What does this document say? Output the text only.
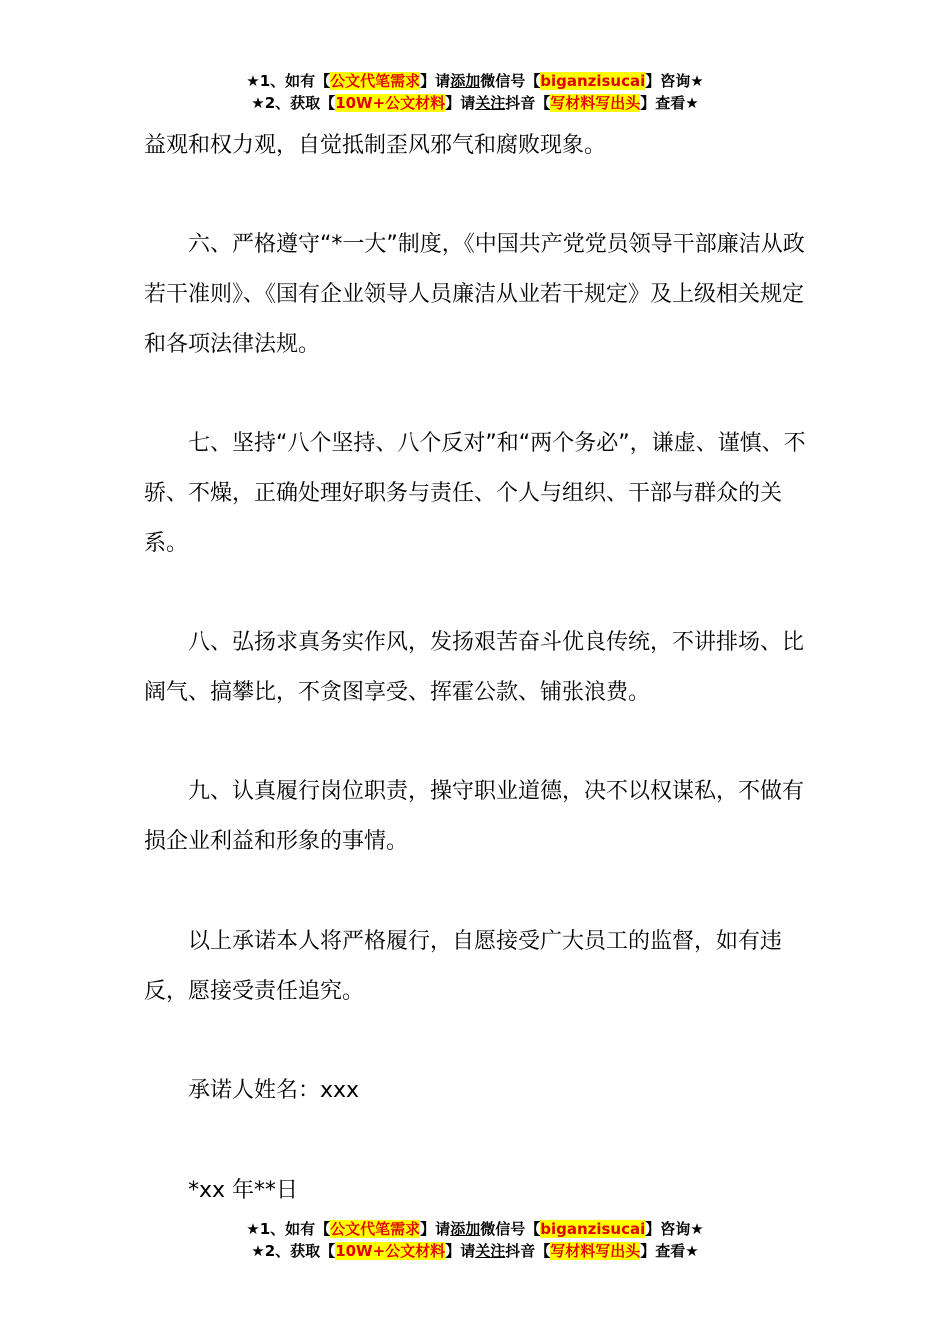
★1、如有【公文代笔需求】请添加微信号【biganzisucai】咨询★
★2、获取【10W+公文材料】请关注抖音【写材料写出头】查看★

益观和权力观，自觉抵制歪风邪气和腐败现象。

六、严格遵守“*一大”制度，《中国共产党党员领导干部廉洁从政若干准则》、《国有企业领导人员廉洁从业若干规定》及上级相关规定和各项法律法规。

七、坚持“八个坚持、八个反对”和“两个务必”，谦虚、谨慎、不骄、不燥，正确处理好职务与责任、个人与组织、干部与群众的关系。

八、弘扬求真务实作风，发扬艰苦奋斗优良传统，不讲排场、比阔气、搞攀比，不贪图享受、挥霍公款、铺张浪费。

九、认真履行岗位职责，操守职业道德，决不以权谋私，不做有损企业利益和形象的事情。

以上承诺本人将严格履行，自愿接受广大员工的监督，如有违反，愿接受责任追究。

承诺人姓名：xxx

*xx 年**日

★1、如有【公文代笔需求】请添加微信号【biganzisucai】咨询★
★2、获取【10W+公文材料】请关注抖音【写材料写出头】查看★
